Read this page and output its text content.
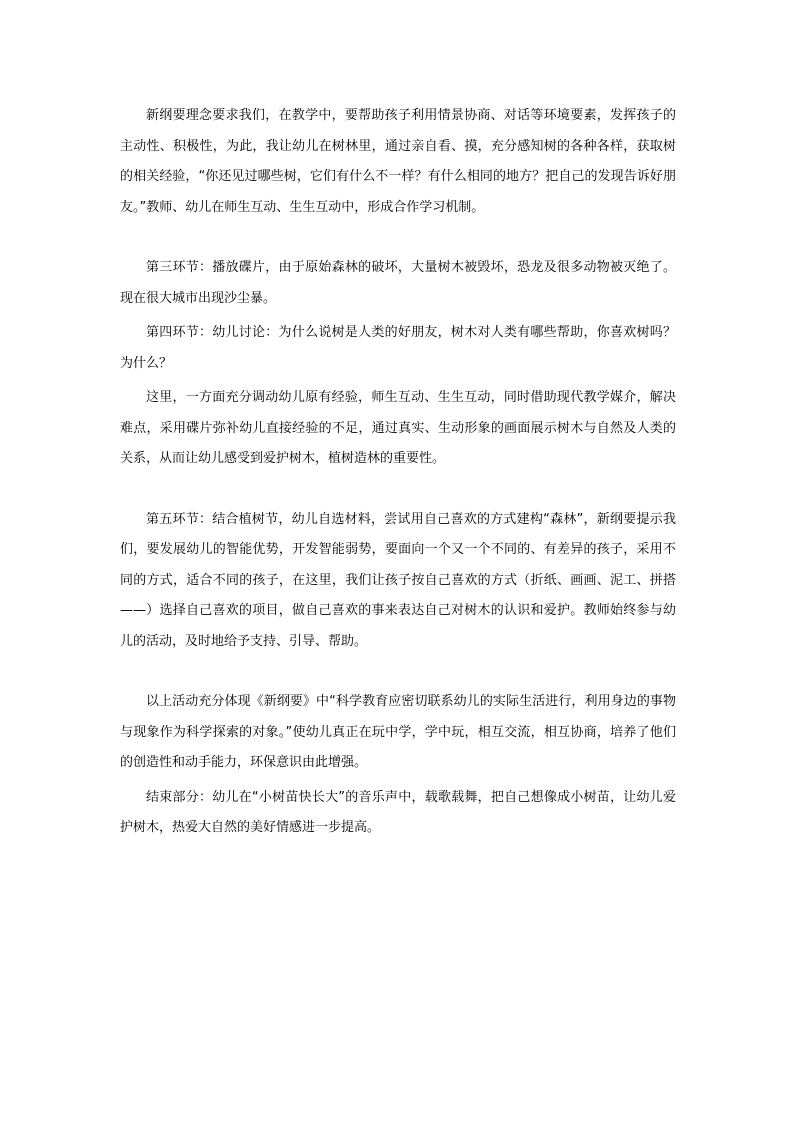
新纲要理念要求我们，在教学中，要帮助孩子利用情景协商、对话等环境要素，发挥孩子的主动性、积极性，为此，我让幼儿在树林里，通过亲自看、摸，充分感知树的各种各样，获取树的相关经验，“你还见过哪些树，它们有什么不一样？有什么相同的地方？把自己的发现告诉好朋友。”教师、幼儿在师生互动、生生互动中，形成合作学习机制。

第三环节：播放碟片，由于原始森林的破坏，大量树木被毁坏，恐龙及很多动物被灭绝了。现在很大城市出现沙尘暴。

第四环节：幼儿讨论：为什么说树是人类的好朋友，树木对人类有哪些帮助，你喜欢树吗？为什么？

这里，一方面充分调动幼儿原有经验，师生互动、生生互动，同时借助现代教学媒介，解决难点，采用碟片弥补幼儿直接经验的不足，通过真实、生动形象的画面展示树木与自然及人类的关系，从而让幼儿感受到爱护树木，植树造林的重要性。

第五环节：结合植树节，幼儿自选材料，尝试用自己喜欢的方式建构“森林”，新纲要提示我们，要发展幼儿的智能优势，开发智能弱势，要面向一个又一个不同的、有差异的孩子，采用不同的方式，适合不同的孩子，在这里，我们让孩子按自己喜欢的方式（折纸、画画、泥工、拼搭——）选择自己喜欢的项目，做自己喜欢的事来表达自己对树木的认识和爱护。教师始终参与幼儿的活动，及时地给予支持、引导、帮助。

以上活动充分体现《新纲要》中“科学教育应密切联系幼儿的实际生活进行，利用身边的事物与现象作为科学探索的对象。”使幼儿真正在玩中学，学中玩，相互交流，相互协商，培养了他们的创造性和动手能力，环保意识由此增强。

结束部分：幼儿在“小树苗快长大”的音乐声中，载歌载舞，把自己想像成小树苗，让幼儿爱护树木，热爱大自然的美好情感进一步提高。
